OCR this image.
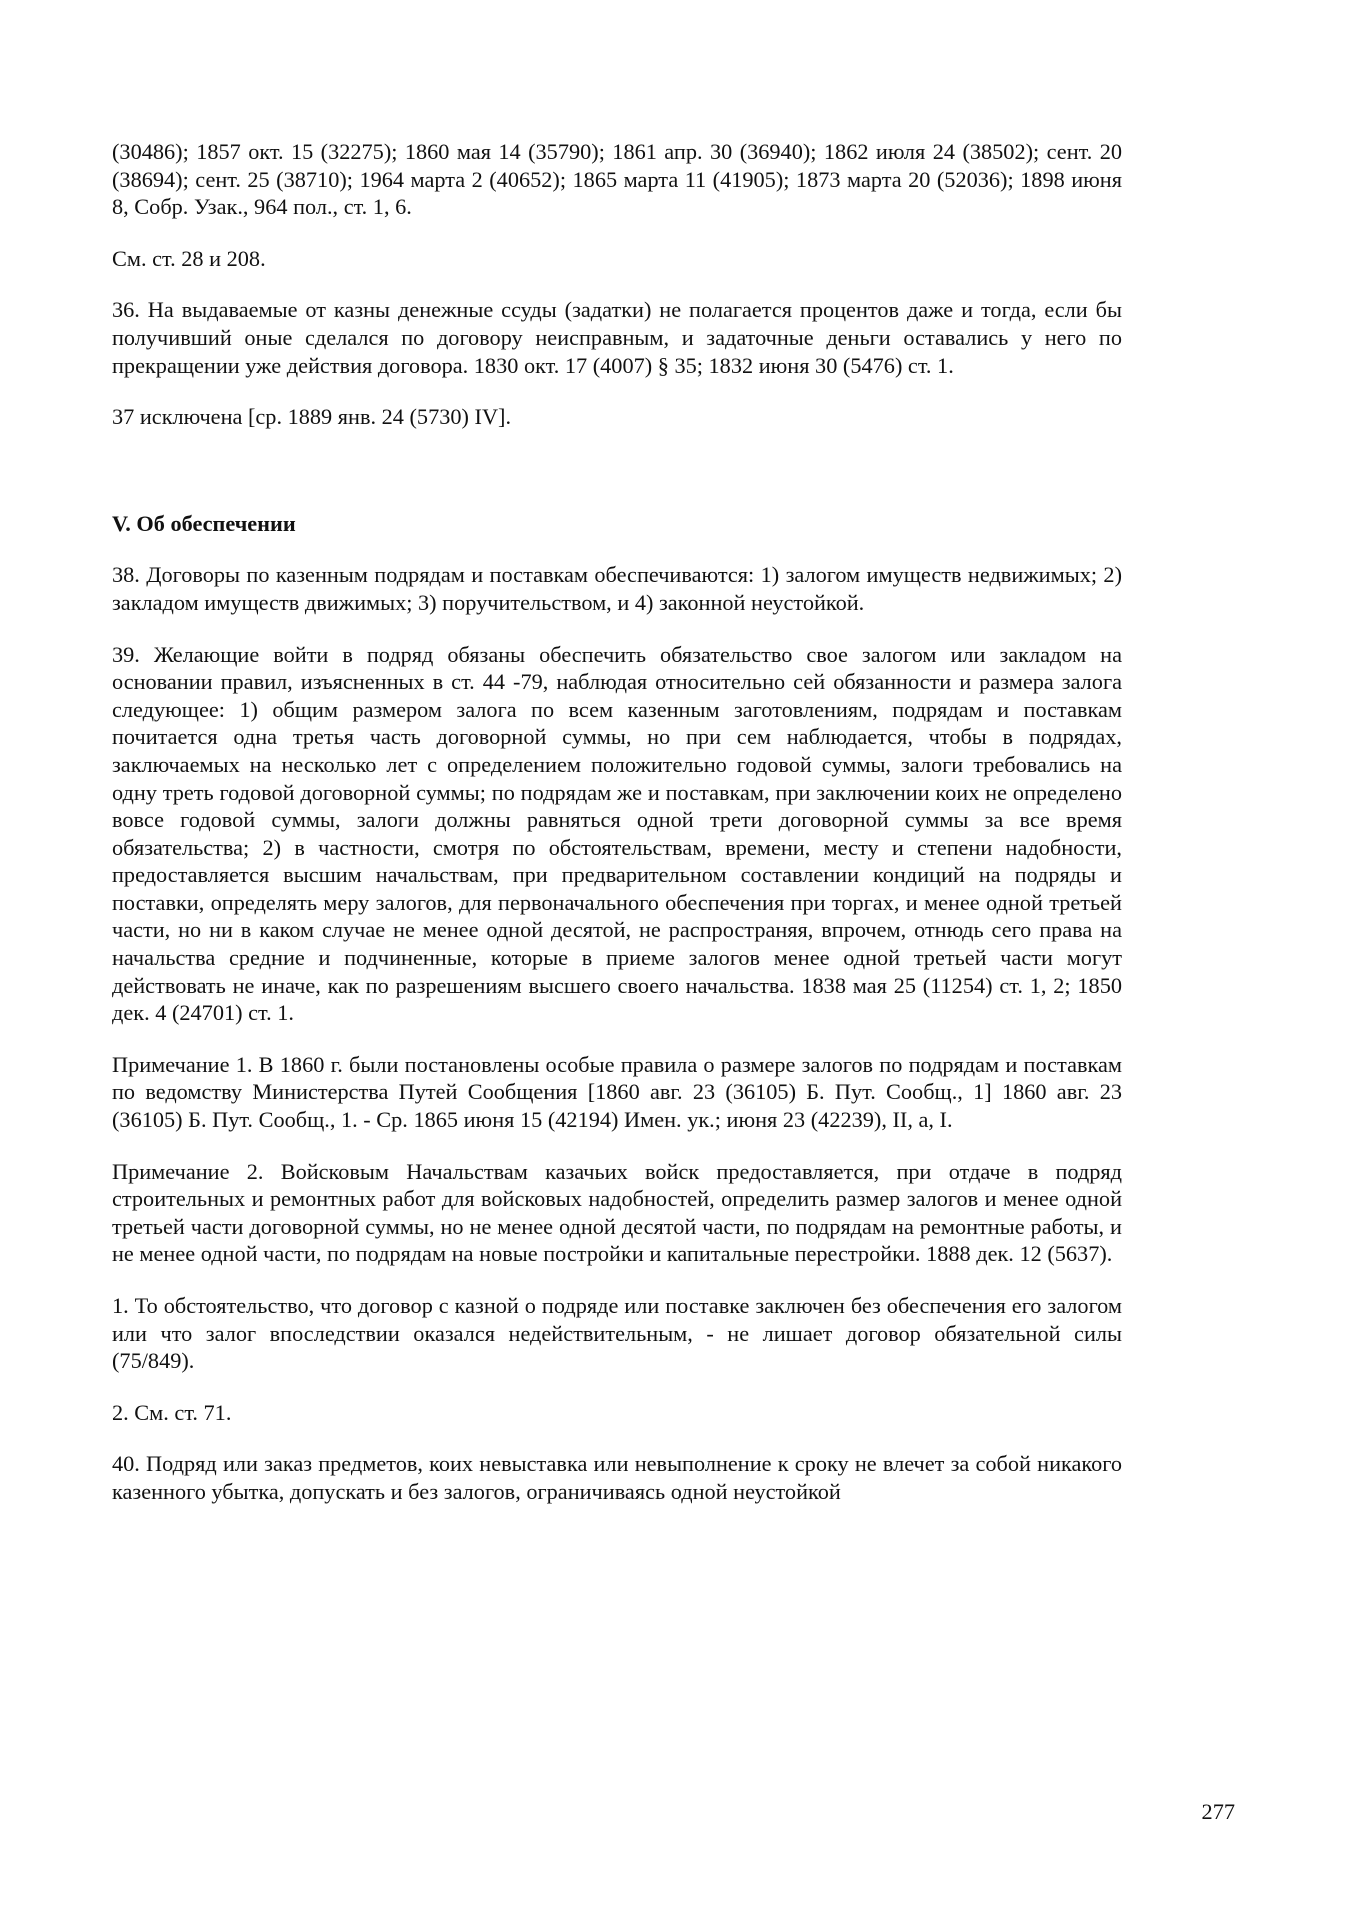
(30486); 1857 окт. 15 (32275); 1860 мая 14 (35790); 1861 апр. 30 (36940); 1862 июля 24 (38502); сент. 20 (38694); сент. 25 (38710); 1964 марта 2 (40652); 1865 марта 11 (41905); 1873 марта 20 (52036); 1898 июня 8, Собр. Узак., 964 пол., ст. 1, 6.

См. ст. 28 и 208.

36. На выдаваемые от казны денежные ссуды (задатки) не полагается процентов даже и тогда, если бы получивший оные сделался по договору неисправным, и задаточные деньги оставались у него по прекращении уже действия договора. 1830 окт. 17 (4007) § 35; 1832 июня 30 (5476) ст. 1.

37 исключена [ср. 1889 янв. 24 (5730) IV].

V. Об обеспечении

38. Договоры по казенным подрядам и поставкам обеспечиваются: 1) залогом имуществ недвижимых; 2) закладом имуществ движимых; 3) поручительством, и 4) законной неустойкой.

39. Желающие войти в подряд обязаны обеспечить обязательство свое залогом или закладом на основании правил, изъясненных в ст. 44 -79, наблюдая относительно сей обязанности и размера залога следующее: 1) общим размером залога по всем казенным заготовлениям, подрядам и поставкам почитается одна третья часть договорной суммы, но при сем наблюдается, чтобы в подрядах, заключаемых на несколько лет с определением положительно годовой суммы, залоги требовались на одну треть годовой договорной суммы; по подрядам же и поставкам, при заключении коих не определено вовсе годовой суммы, залоги должны равняться одной трети договорной суммы за все время обязательства; 2) в частности, смотря по обстоятельствам, времени, месту и степени надобности, предоставляется высшим начальствам, при предварительном составлении кондиций на подряды и поставки, определять меру залогов, для первоначального обеспечения при торгах, и менее одной третьей части, но ни в каком случае не менее одной десятой, не распространяя, впрочем, отнюдь сего права на начальства средние и подчиненные, которые в приеме залогов менее одной третьей части могут действовать не иначе, как по разрешениям высшего своего начальства. 1838 мая 25 (11254) ст. 1, 2; 1850 дек. 4 (24701) ст. 1.

Примечание 1. В 1860 г. были постановлены особые правила о размере залогов по подрядам и поставкам по ведомству Министерства Путей Сообщения [1860 авг. 23 (36105) Б. Пут. Сообщ., 1] 1860 авг. 23 (36105) Б. Пут. Сообщ., 1. - Ср. 1865 июня 15 (42194) Имен. ук.; июня 23 (42239), II, а, I.

Примечание 2. Войсковым Начальствам казачьих войск предоставляется, при отдаче в подряд строительных и ремонтных работ для войсковых надобностей, определить размер залогов и менее одной третьей части договорной суммы, но не менее одной десятой части, по подрядам на ремонтные работы, и не менее одной части, по подрядам на новые постройки и капитальные перестройки. 1888 дек. 12 (5637).

1. То обстоятельство, что договор с казной о подряде или поставке заключен без обеспечения его залогом или что залог впоследствии оказался недействительным, - не лишает договор обязательной силы (75/849).

2. См. ст. 71.

40. Подряд или заказ предметов, коих невыставка или невыполнение к сроку не влечет за собой никакого казенного убытка, допускать и без залогов, ограничиваясь одной неустойкой

277
